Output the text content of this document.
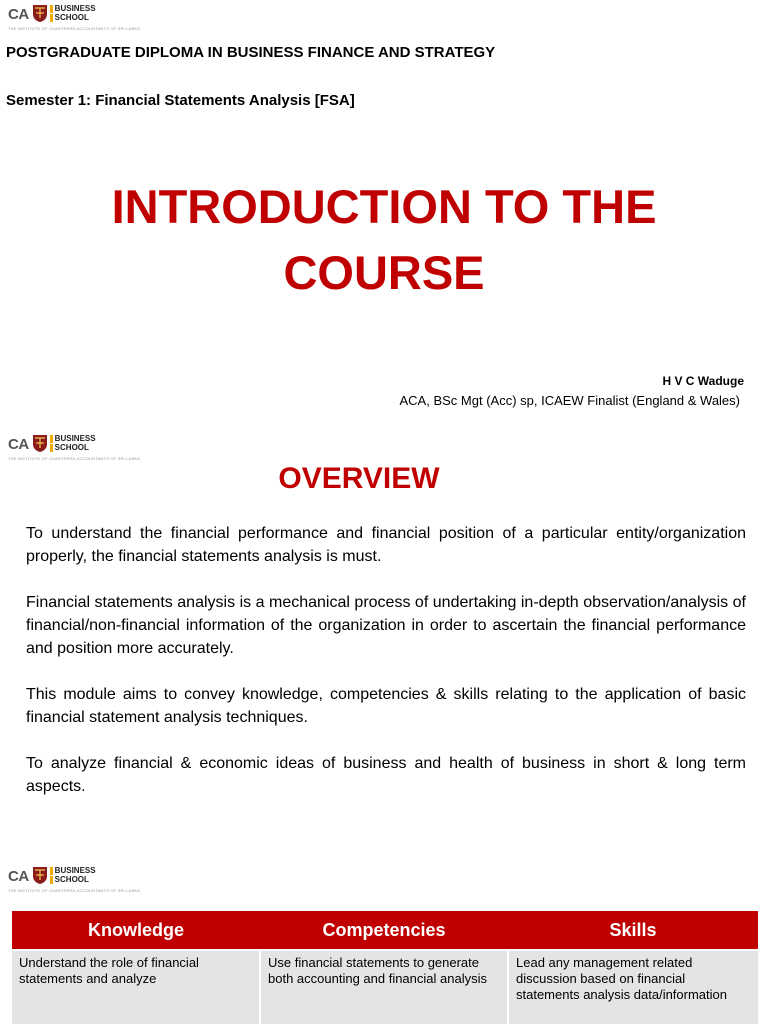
CA	BUSINESS
SCHOOL
THE INSTITUTE OF CHARTERED ACCOUNTANTS OF SRI LANKA
POSTGRADUATE DIPLOMA IN BUSINESS FINANCE AND STRATEGY
Semester 1: Financial Statements Analysis [FSA]
INTRODUCTION TO THE
COURSE
H V C Waduge
ACA, BSc Mgt (Acc) sp, ICAEW Finalist (England & Wales)
CA	BUSINESS
SCHOOL
THE INSTITUTE OF CHARTERED ACCOUNTANTS OF SRI LANKA
OVERVIEW

To understand the financial performance and financial position of a particular entity/organization properly, the financial statements analysis is must.

Financial statements analysis is a mechanical process of undertaking in-depth observation/analysis of financial/non-financial information of the organization in order to ascertain the financial performance and position more accurately.

This module aims to convey knowledge, competencies & skills relating to the application of basic financial statement analysis techniques.

To analyze financial & economic ideas of business and health of business in short & long term aspects.

CA	BUSINESS
SCHOOL
THE INSTITUTE OF CHARTERED ACCOUNTANTS OF SRI LANKA
Knowledge	Competencies	Skills
Understand the role of financial statements and analyze	Use financial statements to generate both accounting and financial analysis	Lead any management related discussion based on financial statements analysis data/information
